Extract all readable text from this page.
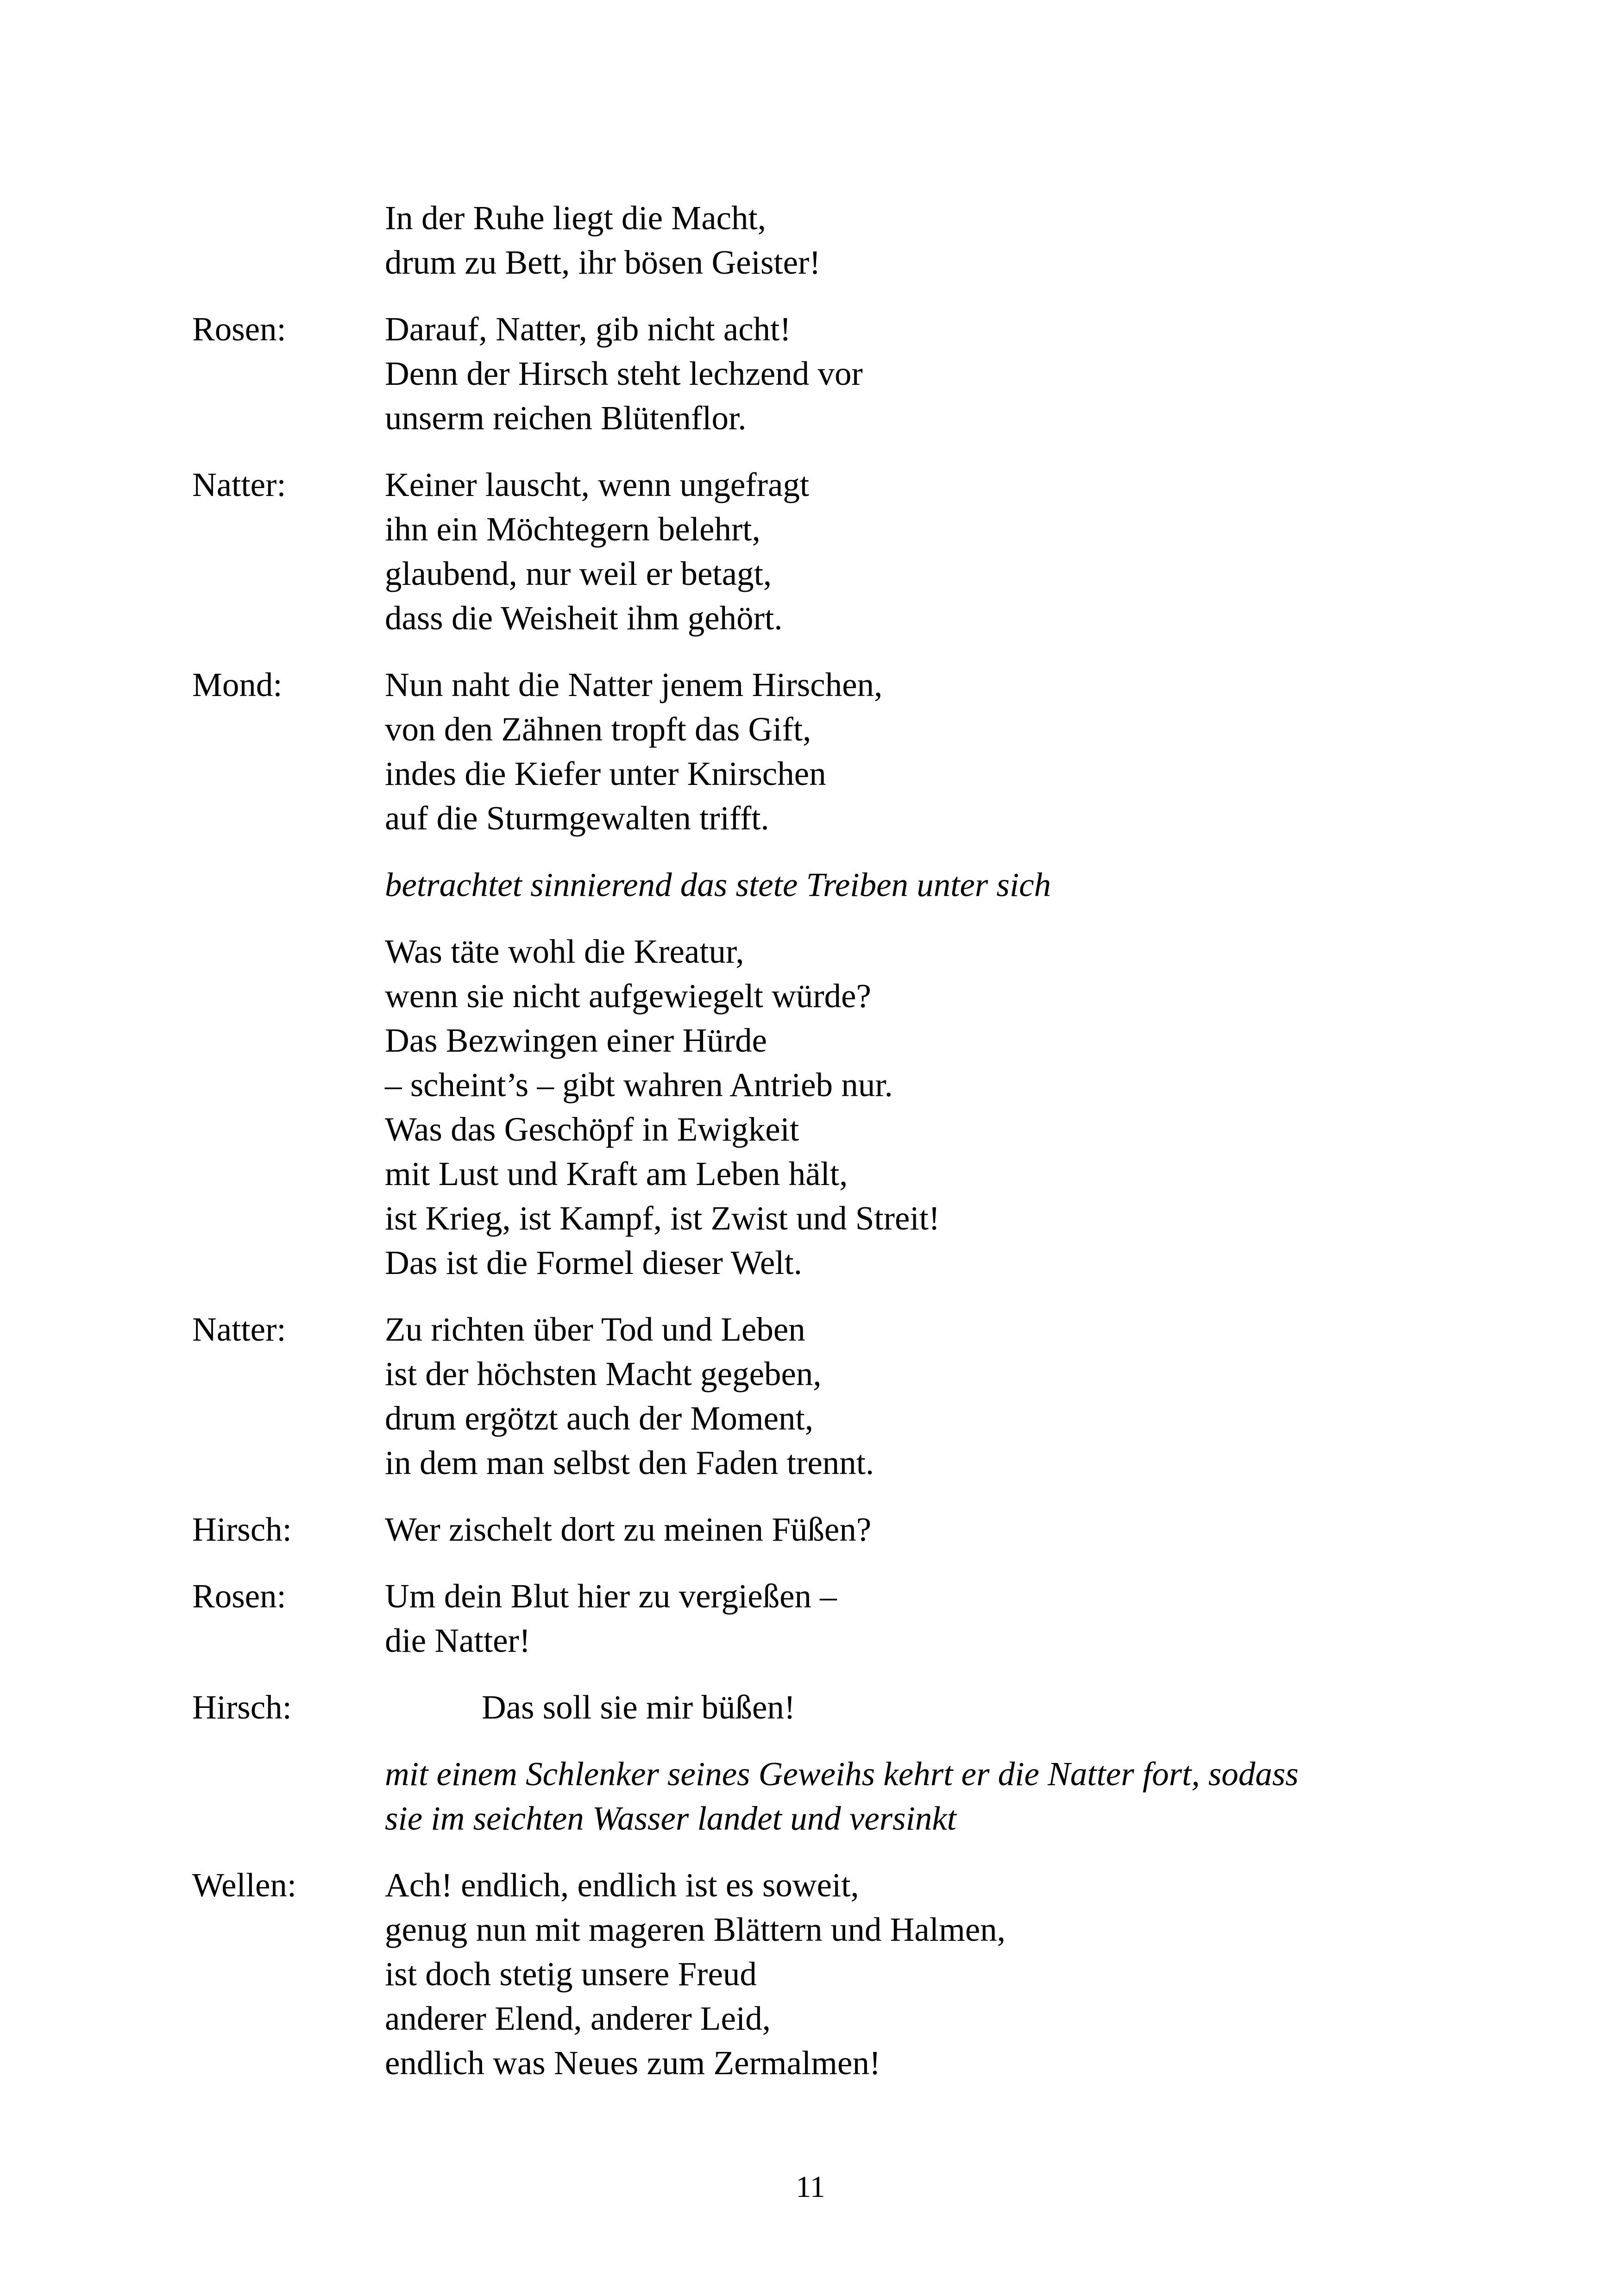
In der Ruhe liegt die Macht,
drum zu Bett, ihr bösen Geister!
Rosen:	Darauf, Natter, gib nicht acht!
Denn der Hirsch steht lechzend vor
unserm reichen Blütenflor.
Natter:	Keiner lauscht, wenn ungefragt
ihn ein Möchtegern belehrt,
glaubend, nur weil er betagt,
dass die Weisheit ihm gehört.
Mond:	Nun naht die Natter jenem Hirschen,
von den Zähnen tropft das Gift,
indes die Kiefer unter Knirschen
auf die Sturmgewalten trifft.
betrachtet sinnierend das stete Treiben unter sich
Was täte wohl die Kreatur,
wenn sie nicht aufgewiegelt würde?
Das Bezwingen einer Hürde
– scheint’s – gibt wahren Antrieb nur.
Was das Geschöpf in Ewigkeit
mit Lust und Kraft am Leben hält,
ist Krieg, ist Kampf, ist Zwist und Streit!
Das ist die Formel dieser Welt.
Natter:	Zu richten über Tod und Leben
ist der höchsten Macht gegeben,
drum ergötzt auch der Moment,
in dem man selbst den Faden trennt.
Hirsch:	Wer zischelt dort zu meinen Füßen?
Rosen:	Um dein Blut hier zu vergießen –
die Natter!
Hirsch:	Das soll sie mir büßen!
mit einem Schlenker seines Geweihs kehrt er die Natter fort, sodass
sie im seichten Wasser landet und versinkt
Wellen:	Ach! endlich, endlich ist es soweit,
genug nun mit mageren Blättern und Halmen,
ist doch stetig unsere Freud
anderer Elend, anderer Leid,
endlich was Neues zum Zermalmen!
11
